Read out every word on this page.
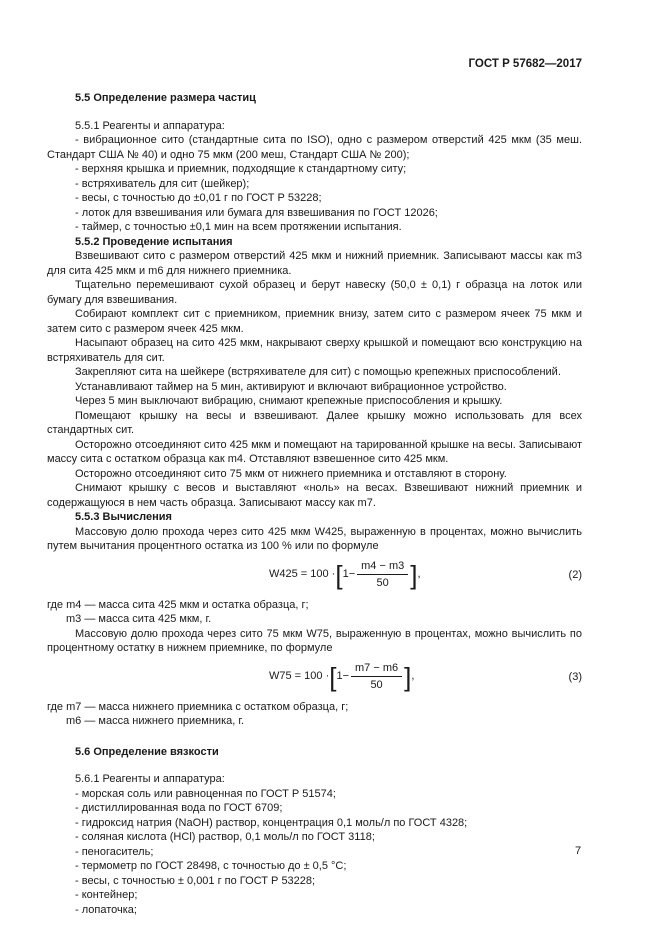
ГОСТ Р 57682—2017

5.5 Определение размера частиц

5.5.1 Реагенты и аппаратура:

- вибрационное сито (стандартные сита по ISO), одно с размером отверстий 425 мкм (35 меш. Стандарт США № 40) и одно 75 мкм (200 меш, Стандарт США № 200);

- верхняя крышка и приемник, подходящие к стандартному ситу;

- встряхиватель для сит (шейкер);

- весы, с точностью до ±0,01 г по ГОСТ Р 53228;

- лоток для взвешивания или бумага для взвешивания по ГОСТ 12026;

- таймер, с точностью ±0,1 мин на всем протяжении испытания.

5.5.2 Проведение испытания

Взвешивают сито с размером отверстий 425 мкм и нижний приемник. Записывают массы как m3 для сита 425 мкм и m6 для нижнего приемника.

Тщательно перемешивают сухой образец и берут навеску (50,0 ± 0,1) г образца на лоток или бумагу для взвешивания.

Собирают комплект сит с приемником, приемник внизу, затем сито с размером ячеек 75 мкм и затем сито с размером ячеек 425 мкм.

Насыпают образец на сито 425 мкм, накрывают сверху крышкой и помещают всю конструкцию на встряхиватель для сит.

Закрепляют сита на шейкере (встряхивателе для сит) с помощью крепежных приспособлений.

Устанавливают таймер на 5 мин, активируют и включают вибрационное устройство.

Через 5 мин выключают вибрацию, снимают крепежные приспособления и крышку.

Помещают крышку на весы и взвешивают. Далее крышку можно использовать для всех стандартных сит.

Осторожно отсоединяют сито 425 мкм и помещают на тарированной крышке на весы. Записывают массу сита с остатком образца как m4. Отставляют взвешенное сито 425 мкм.

Осторожно отсоединяют сито 75 мкм от нижнего приемника и отставляют в сторону.

Снимают крышку с весов и выставляют «ноль» на весах. Взвешивают нижний приемник и содержащуюся в нем часть образца. Записывают массу как m7.

5.5.3 Вычисления

Массовую долю прохода через сито 425 мкм W425, выраженную в процентах, можно вычислить путем вычитания процентного остатка из 100 % или по формуле

W425 = 100 · [ $1- \frac{m4 - m3}{50}$ ] ,	(2)

где m4 — масса сита 425 мкм и остатка образца, г;

m3 — масса сита 425 мкм, г.

Массовую долю прохода через сито 75 мкм W75, выраженную в процентах, можно вычислить по процентному остатку в нижнем приемнике, по формуле

W75 = 100 · [ $1- \frac{m7 - m6}{50}$ ] ,	(3)

где m7 — масса нижнего приемника с остатком образца, г;

m6 — масса нижнего приемника, г.

5.6 Определение вязкости

5.6.1 Реагенты и аппаратура:

- морская соль или равноценная по ГОСТ Р 51574;

- дистиллированная вода по ГОСТ 6709;

- гидроксид натрия (NaOH) раствор, концентрация 0,1 моль/л по ГОСТ 4328;

- соляная кислота (HCl) раствор, 0,1 моль/л по ГОСТ 3118;

- пеногаситель;

- термометр по ГОСТ 28498, с точностью до ± 0,5 °С;

- весы, с точностью ± 0,001 г по ГОСТ Р 53228;

- контейнер;

- лопаточка;

7
